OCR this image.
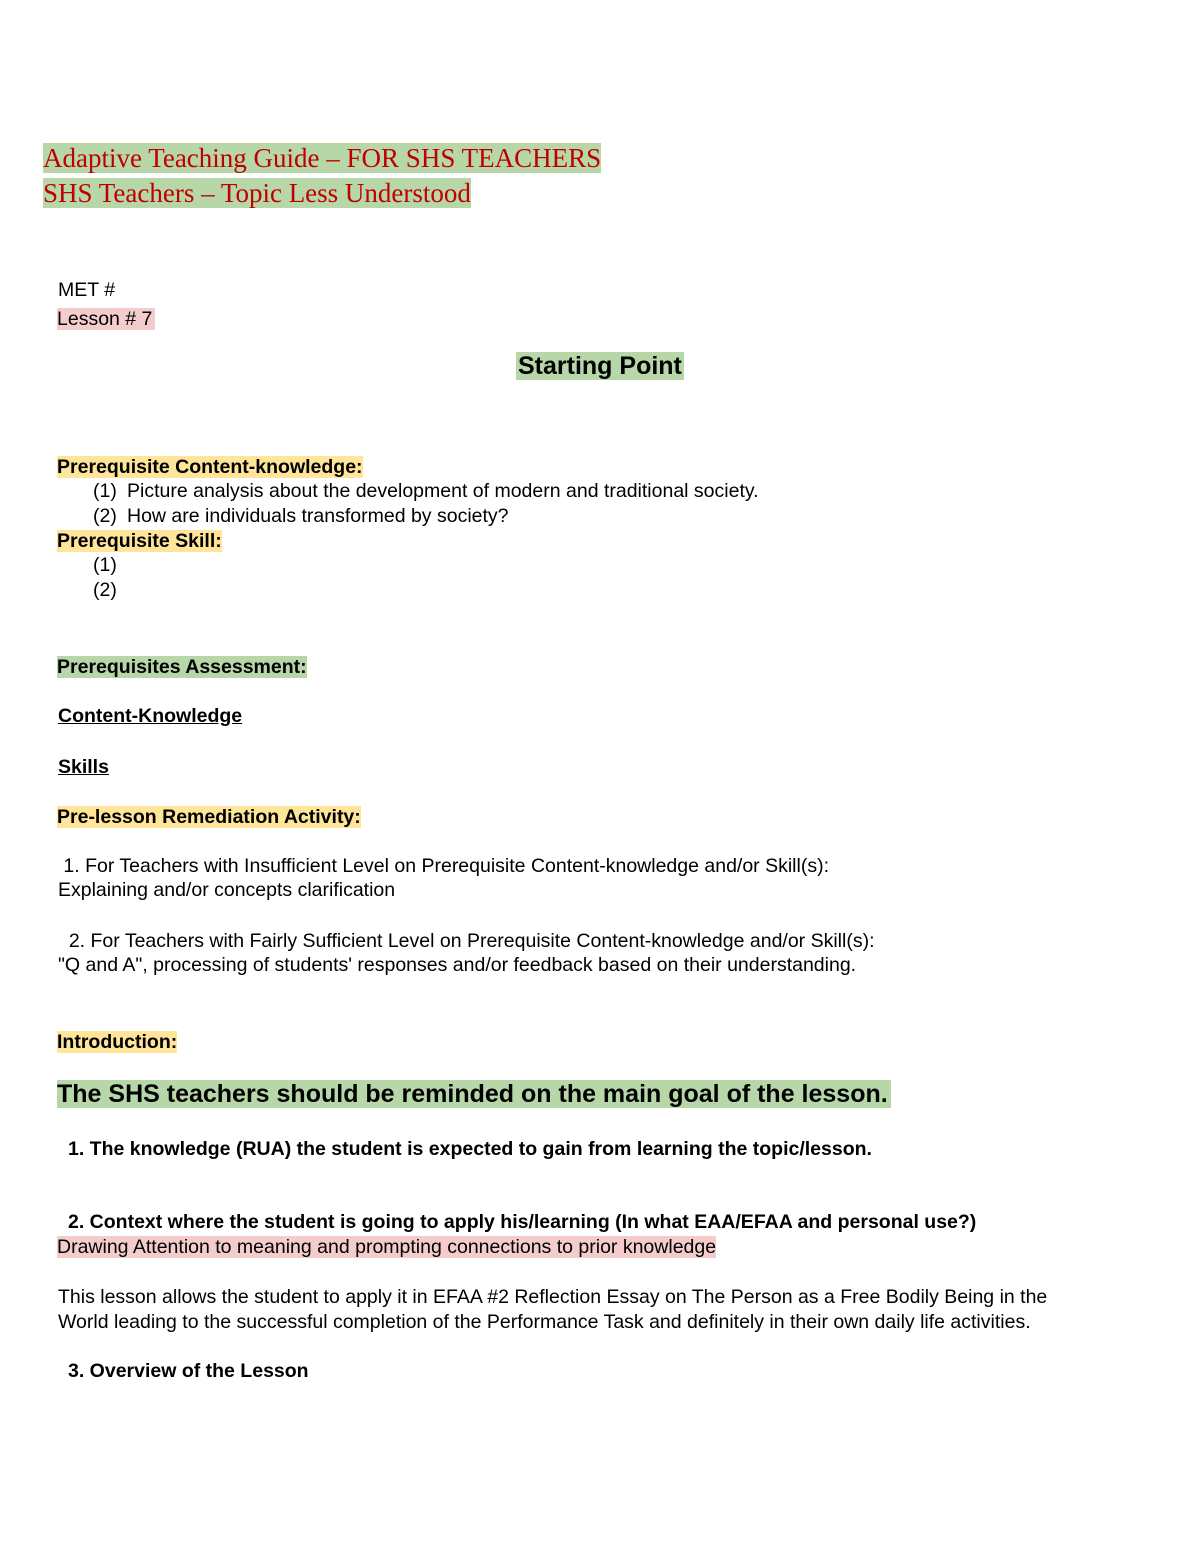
Adaptive Teaching Guide – FOR SHS TEACHERS
SHS Teachers – Topic Less Understood
MET #
Lesson # 7
Starting Point
Prerequisite Content-knowledge:
(1) Picture analysis about the development of modern and traditional society.
(2) How are individuals transformed by society?
Prerequisite Skill:
(1)
(2)
Prerequisites Assessment:
Content-Knowledge
Skills
Pre-lesson Remediation Activity:
1. For Teachers with Insufficient Level on Prerequisite Content-knowledge and/or Skill(s):
Explaining and/or concepts clarification
2. For Teachers with Fairly Sufficient Level on Prerequisite Content-knowledge and/or Skill(s):
"Q and A", processing of students' responses and/or feedback based on their understanding.
Introduction:
The SHS teachers should be reminded on the main goal of the lesson.
1. The knowledge (RUA) the student is expected to gain from learning the topic/lesson.
2. Context where the student is going to apply his/learning (In what EAA/EFAA and personal use?)
Drawing Attention to meaning and prompting connections to prior knowledge
This lesson allows the student to apply it in EFAA #2 Reflection Essay on The Person as a Free Bodily Being in the
World leading to the successful completion of the Performance Task and definitely in their own daily life activities.
3. Overview of the Lesson
